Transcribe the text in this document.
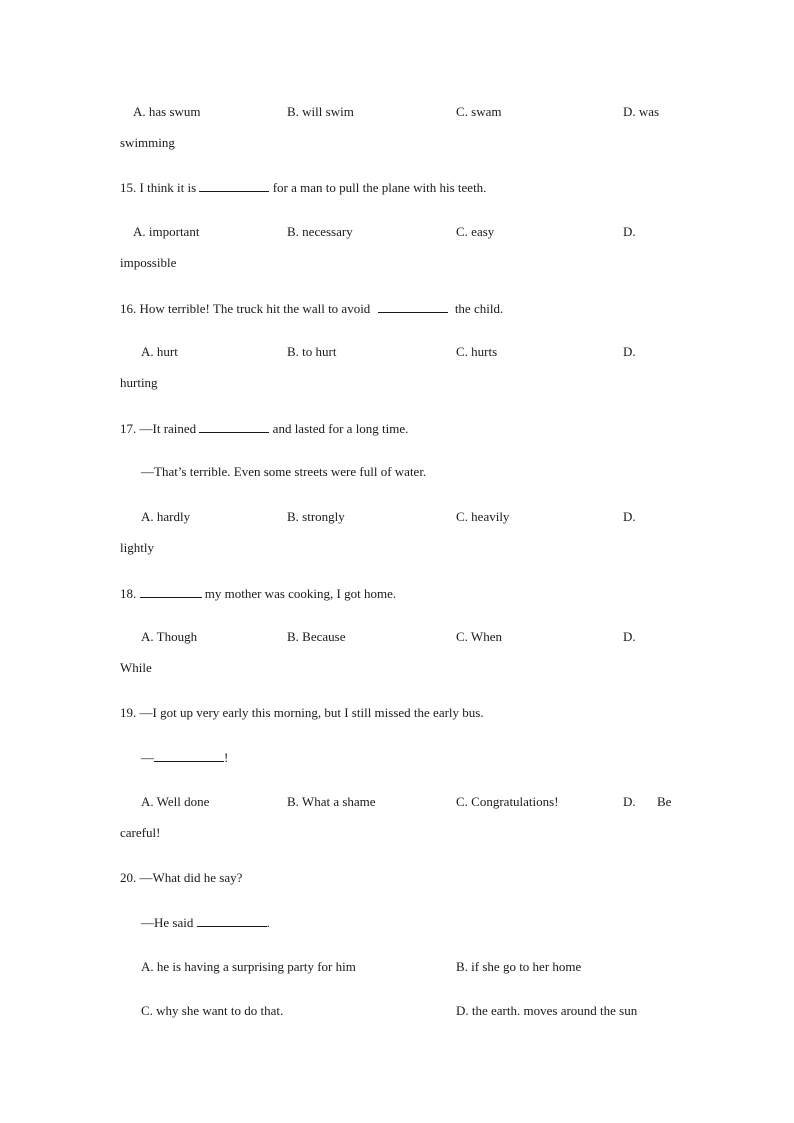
A. has swum	B. will swim	C. swam	D. was
swimming
15. I think it is	for a man to pull the plane with his teeth.
A. important	B. necessary	C. easy	D.
impossible
16. How terrible! The truck hit the wall to avoid	the child.
A. hurt	B. to hurt	C. hurts	D.
hurting
17. —It rained	and lasted for a long time.
—That’s terrible. Even some streets were full of water.
A. hardly	B. strongly	C. heavily	D.
lightly
18.	my mother was cooking, I got home.
A. Though	B. Because	C. When	D.
While
19. —I got up very early this morning, but I still missed the early bus.
—	!
A. Well done	B. What a shame	C. Congratulations!	D. Be
careful!
20. —What did he say?
—He said	.
A. he is having a surprising party for him	B. if she go to her home
C. why she want to do that.	D. the earth. moves around the sun
